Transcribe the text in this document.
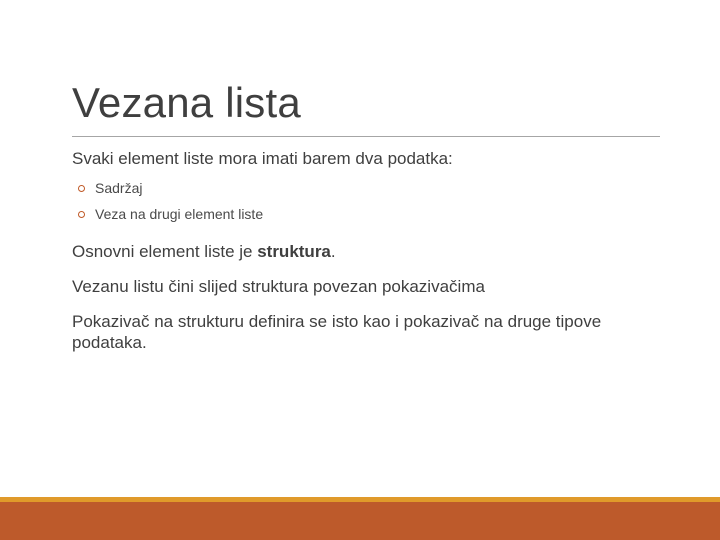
Vezana lista

Svaki element liste mora imati barem dva podatka:

Sadržaj
Veza na drugi element liste

Osnovni element liste je struktura.

Vezanu listu čini slijed struktura povezan pokazivačima

Pokazivač na strukturu definira se isto kao i pokazivač na druge tipove podataka.
